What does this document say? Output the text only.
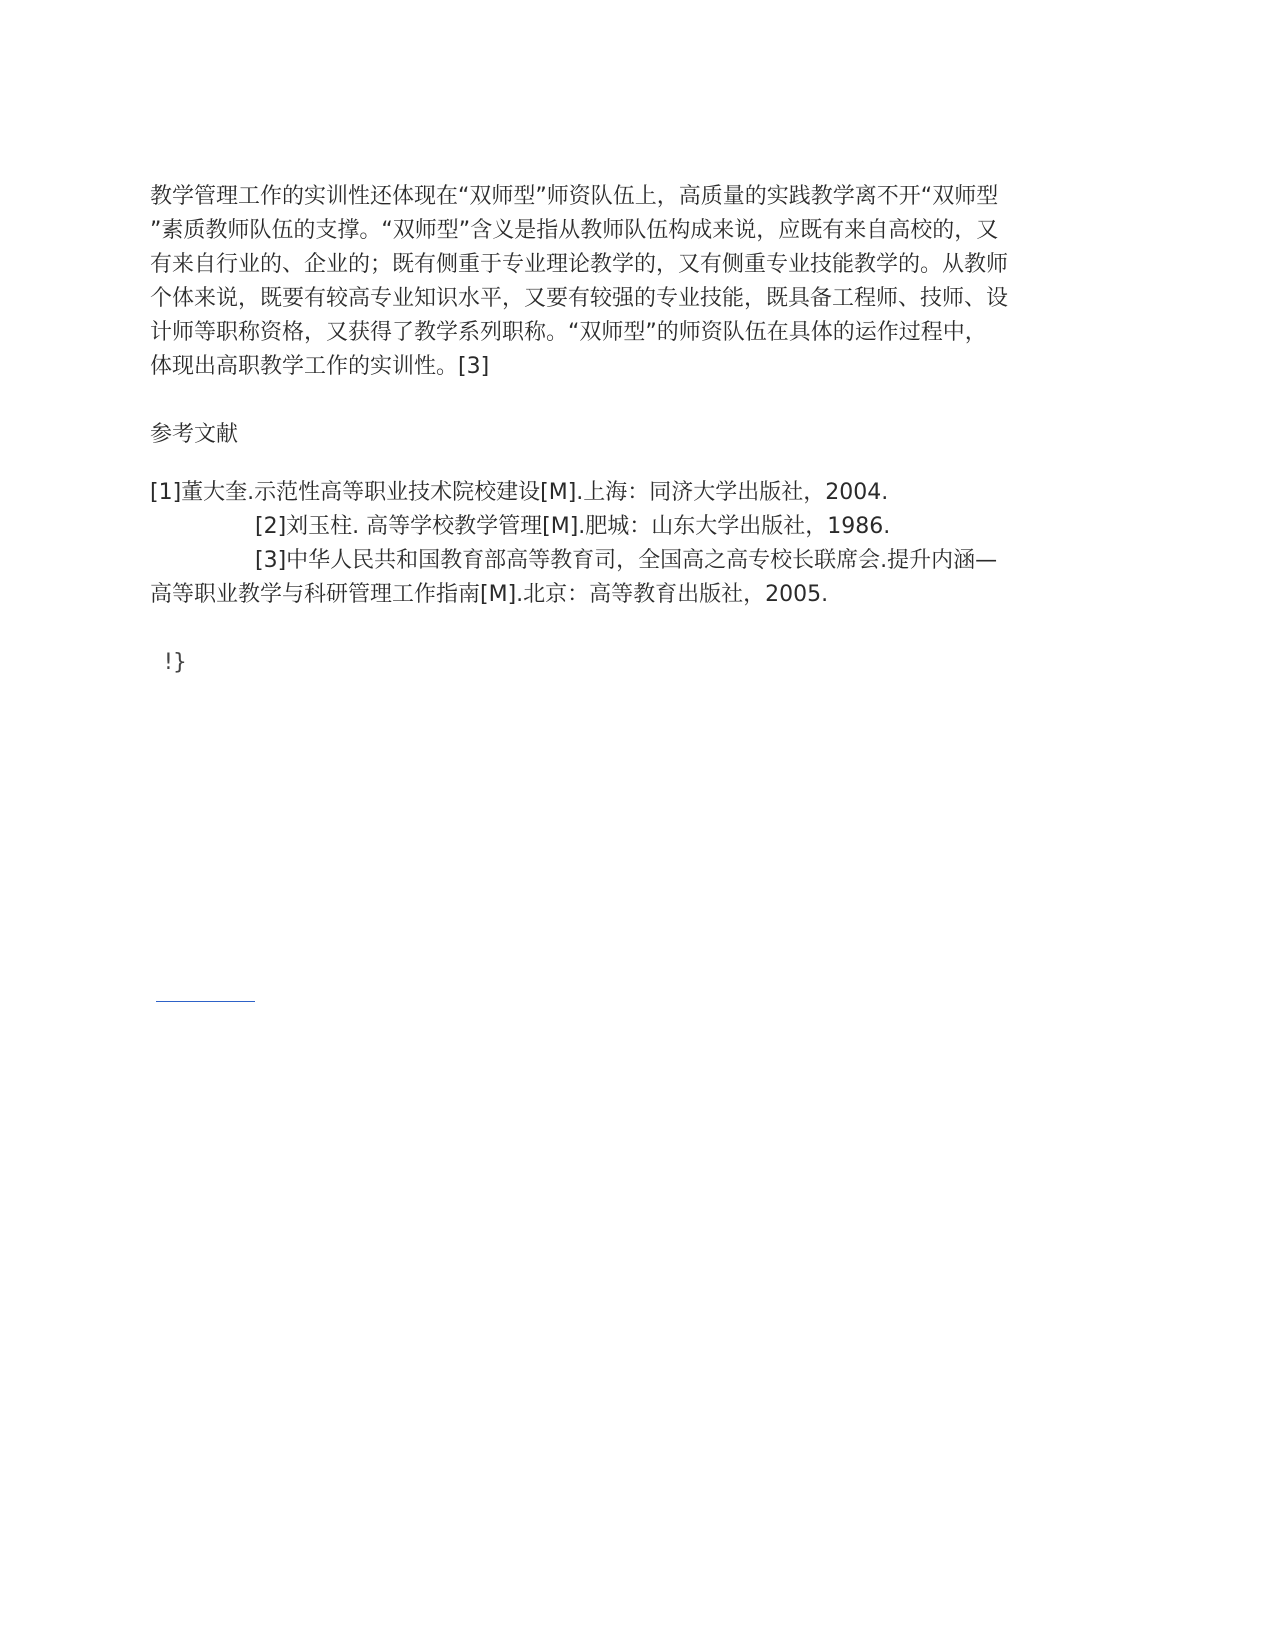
教学管理工作的实训性还体现在“双师型”师资队伍上，高质量的实践教学离不开“双师型
”素质教师队伍的支撑。“双师型”含义是指从教师队伍构成来说，应既有来自高校的，又
有来自行业的、企业的；既有侧重于专业理论教学的，又有侧重专业技能教学的。从教师
个体来说，既要有较高专业知识水平，又要有较强的专业技能，既具备工程师、技师、设
计师等职称资格，又获得了教学系列职称。“双师型”的师资队伍在具体的运作过程中，
体现出高职教学工作的实训性。[3]
参考文献
[1]董大奎.示范性高等职业技术院校建设[M].上海：同济大学出版社，2004.
[2]刘玉柱. 高等学校教学管理[M].肥城：山东大学出版社，1986.
[3]中华人民共和国教育部高等教育司，全国高之高专校长联席会.提升内涵—
高等职业教学与科研管理工作指南[M].北京：高等教育出版社，2005.
!}
